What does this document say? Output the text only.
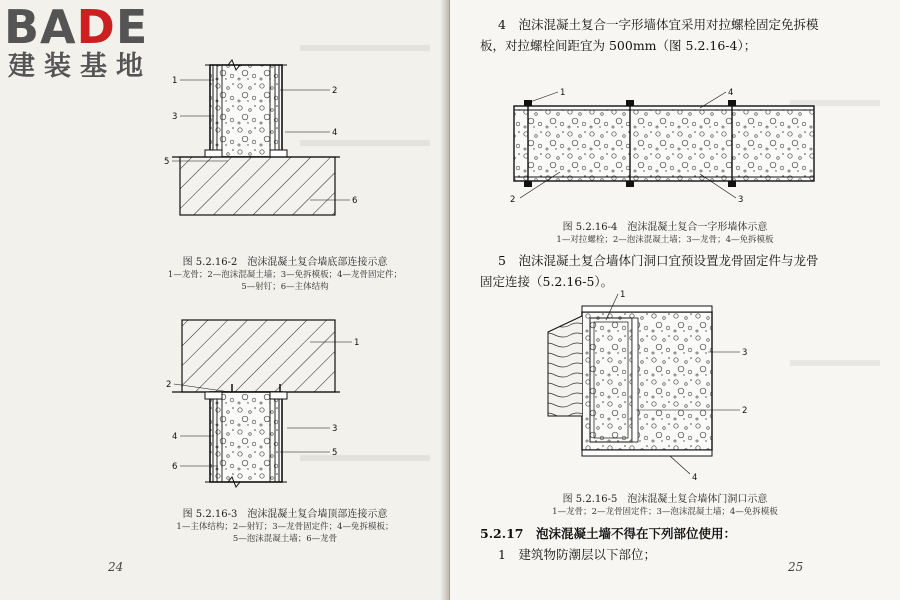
BADE
建装基地 1
2
3
4
5
6
图 5.2.16-2　泡沫混凝土复合墙底部连接示意
1—龙骨；2—泡沫混凝土墙；3—免拆模板；4—龙骨固定件；
5—射钉；6—主体结构
1
2
3
4
5
6
图 5.2.16-3　泡沫混凝土复合墙顶部连接示意
1—主体结构；2—射钉；3—龙骨固定件；4—免拆模板；
5—泡沫混凝土墙；6—龙骨
24
4　泡沫混凝土复合一字形墙体宜采用对拉螺栓固定免拆模
板，对拉螺栓间距宜为 500mm（图 5.2.16-4）；
1	4
2	3
图 5.2.16-4　泡沫混凝土复合一字形墙体示意
1—对拉螺栓；2—泡沫混凝土墙；3—龙骨；4—免拆模板
5　泡沫混凝土复合墙体门洞口宜预设置龙骨固定件与龙骨
固定连接（5.2.16-5）。
1
3
2
4
图 5.2.16-5　泡沫混凝土复合墙体门洞口示意
1—龙骨；2—龙骨固定件；3—泡沫混凝土墙；4—免拆模板
5.2.17　泡沫混凝土墙不得在下列部位使用：
1　建筑物防潮层以下部位；
25
